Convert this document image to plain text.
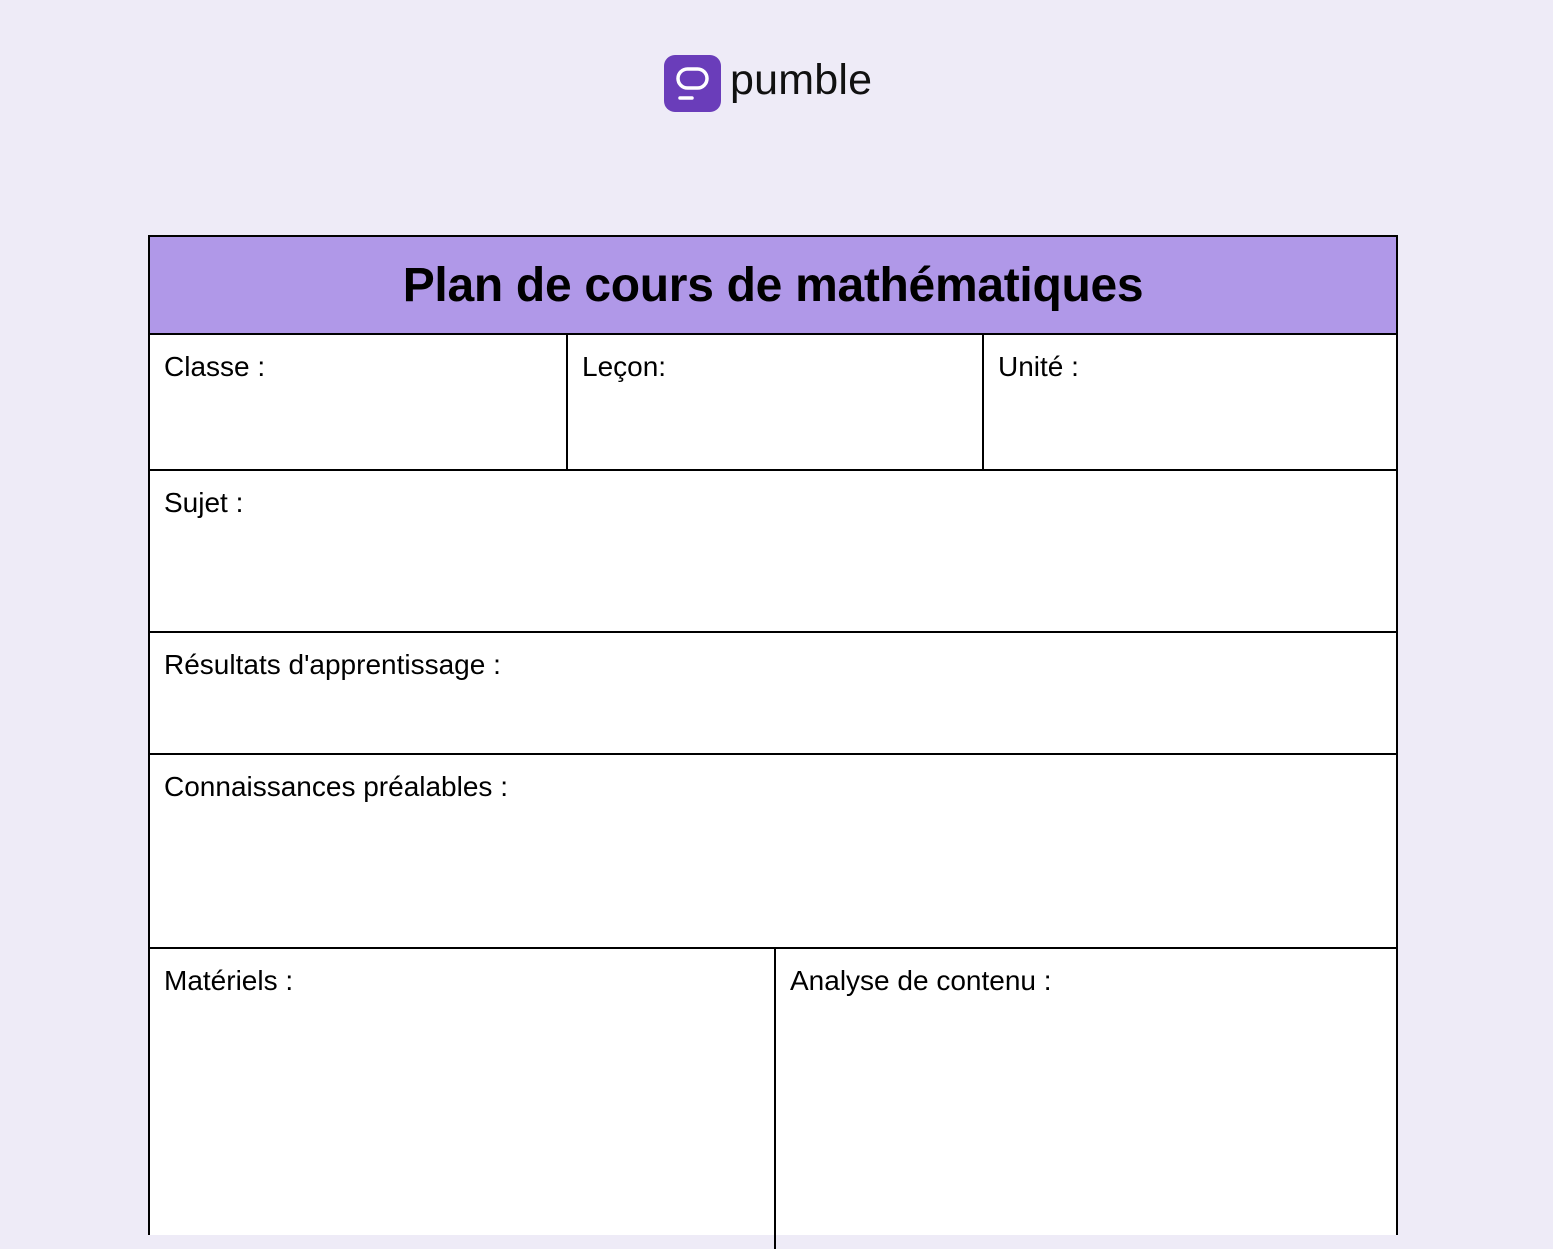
pumble
Plan de cours de mathématiques
Classe :	Leçon:	Unité :
Sujet :
Résultats d'apprentissage :
Connaissances préalables :
Matériels :	Analyse de contenu :
